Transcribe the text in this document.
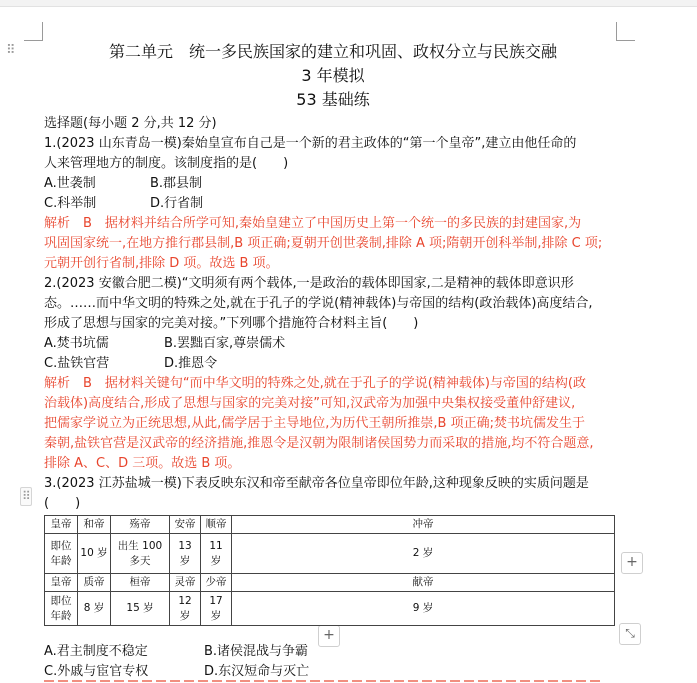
⠿
⠿
+
+	⤡
第二单元　统一多民族国家的建立和巩固、政权分立与民族交融
3 年模拟
53 基础练
选择题(每小题 2 分,共 12 分)
1.(2023 山东青岛一模)秦始皇宣布自己是一个新的君主政体的“第一个皇帝”,建立由他任命的
人来管理地方的制度。该制度指的是(　　)
A.世袭制	B.郡县制
C.科举制	D.行省制
解析　B　据材料并结合所学可知,秦始皇建立了中国历史上第一个统一的多民族的封建国家,为
巩固国家统一,在地方推行郡县制,B 项正确;夏朝开创世袭制,排除 A 项;隋朝开创科举制,排除 C 项;
元朝开创行省制,排除 D 项。故选 B 项。
2.(2023 安徽合肥二模)“文明须有两个载体,一是政治的载体即国家,二是精神的载体即意识形
态。……而中华文明的特殊之处,就在于孔子的学说(精神载体)与帝国的结构(政治载体)高度结合,
形成了思想与国家的完美对接。”下列哪个措施符合材料主旨(　　)
A.焚书坑儒	B.罢黜百家,尊崇儒术
C.盐铁官营	D.推恩令
解析　B　据材料关键句“而中华文明的特殊之处,就在于孔子的学说(精神载体)与帝国的结构(政
治载体)高度结合,形成了思想与国家的完美对接”可知,汉武帝为加强中央集权接受董仲舒建议,
把儒家学说立为正统思想,从此,儒学居于主导地位,为历代王朝所推崇,B 项正确;焚书坑儒发生于
秦朝,盐铁官营是汉武帝的经济措施,推恩令是汉朝为限制诸侯国势力而采取的措施,均不符合题意,
排除 A、C、D 三项。故选 B 项。
3.(2023 江苏盐城一模)下表反映东汉和帝至献帝各位皇帝即位年龄,这种现象反映的实质问题是
(　　)
皇帝	和帝	殇帝	安帝	顺帝	冲帝
即位年龄	10 岁	出生 100 多天	13 岁	11 岁	2 岁
皇帝	质帝	桓帝	灵帝	少帝	献帝
即位年龄	8 岁	15 岁	12 岁	17 岁	9 岁
A.君主制度不稳定	B.诸侯混战与争霸
C.外戚与宦官专权	D.东汉短命与灭亡
